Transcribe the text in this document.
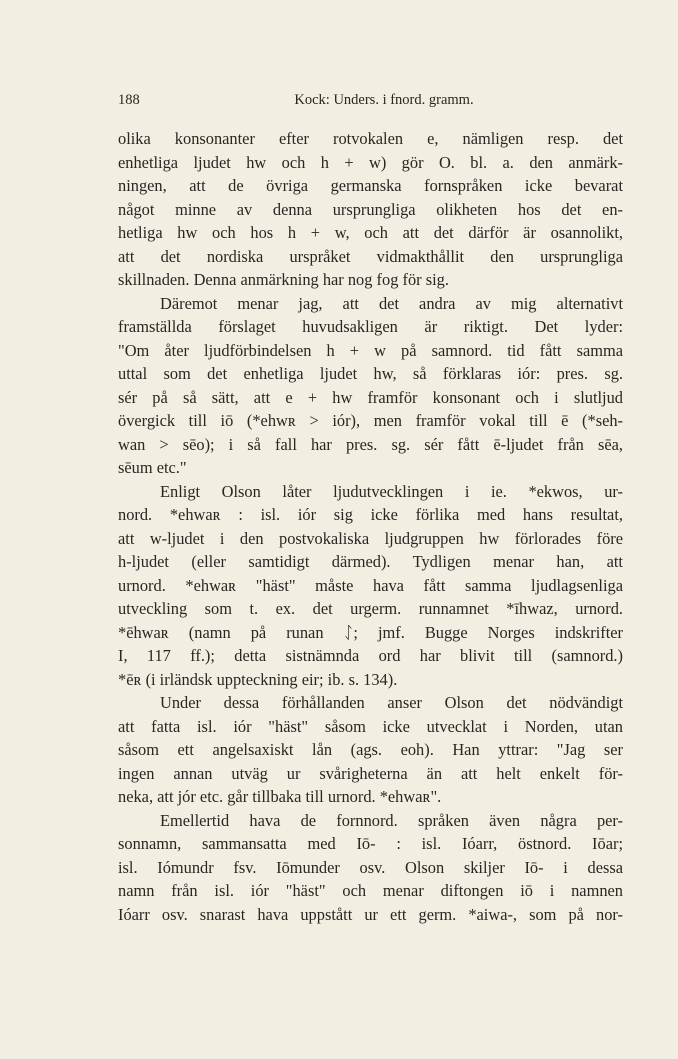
188	Kock: Unders. i fnord. gramm.
olika konsonanter efter rotvokalen e, nämligen resp. det
enhetliga ljudet hw och h + w) gör O. bl. a. den anmärk-
ningen, att de övriga germanska fornspråken icke bevarat
något minne av denna ursprungliga olikheten hos det en-
hetliga hw och hos h + w, och att det därför är osannolikt,
att det nordiska urspråket vidmakthållit den ursprungliga
skillnaden. Denna anmärkning har nog fog för sig.
Däremot menar jag, att det andra av mig alternativt
framställda förslaget huvudsakligen är riktigt. Det lyder:
"Om åter ljudförbindelsen h + w på samnord. tid fått samma
uttal som det enhetliga ljudet hw, så förklaras iór: pres. sg.
sér på så sätt, att e + hw framför konsonant och i slutljud
övergick till iō (*ehwʀ > iór), men framför vokal till ē (*seh-
wan > sēo); i så fall har pres. sg. sér fått ē-ljudet från sēa,
sēum etc."
Enligt Olson låter ljudutvecklingen i ie. *ekwos, ur-
nord. *ehwaʀ : isl. iór sig icke förlika med hans resultat,
att w-ljudet i den postvokaliska ljudgruppen hw förlorades före
h-ljudet (eller samtidigt därmed). Tydligen menar han, att
urnord. *ehwaʀ "häst" måste hava fått samma ljudlagsenliga
utveckling som t. ex. det urgerm. runnamnet *īhwaz, urnord.
*ēhwaʀ (namn på runan ᛇ; jmf. Bugge Norges indskrifter
I, 117 ff.); detta sistnämnda ord har blivit till (samnord.)
*ēʀ (i irländsk uppteckning eir; ib. s. 134).
Under dessa förhållanden anser Olson det nödvändigt
att fatta isl. iór "häst" såsom icke utvecklat i Norden, utan
såsom ett angelsaxiskt lån (ags. eoh). Han yttrar: "Jag ser
ingen annan utväg ur svårigheterna än att helt enkelt för-
neka, att jór etc. går tillbaka till urnord. *ehwaʀ".
Emellertid hava de fornnord. språken även några per-
sonnamn, sammansatta med Iō- : isl. Ióarr, östnord. Iōar;
isl. Iómundr fsv. Iōmunder osv. Olson skiljer Iō- i dessa
namn från isl. iór "häst" och menar diftongen iō i namnen
Ióarr osv. snarast hava uppstått ur ett germ. *aiwa-, som på nor-
